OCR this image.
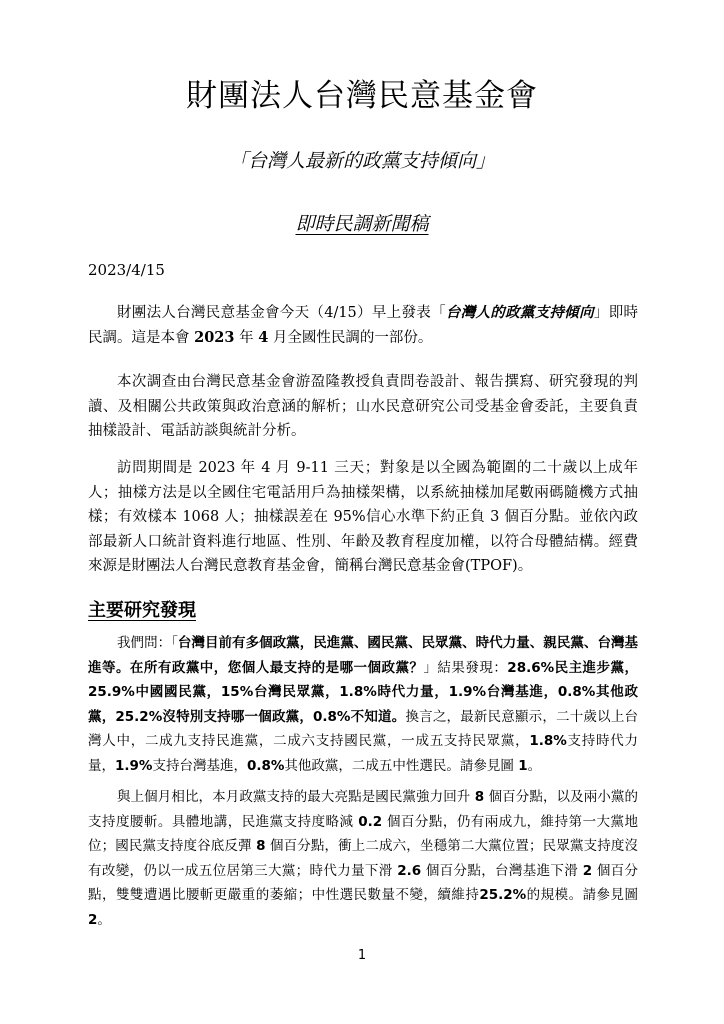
財團法人台灣民意基金會
「台灣人最新的政黨支持傾向」
即時民調新聞稿
2023/4/15

財團法人台灣民意基金會今天（4/15）早上發表「台灣人的政黨支持傾向」即時民調。這是本會 2023 年 4 月全國性民調的一部份。

本次調查由台灣民意基金會游盈隆教授負責問卷設計、報告撰寫、研究發現的判讀、及相關公共政策與政治意涵的解析；山水民意研究公司受基金會委託，主要負責抽樣設計、電話訪談與統計分析。

訪問期間是 2023 年 4 月 9-11 三天；對象是以全國為範圍的二十歲以上成年人；抽樣方法是以全國住宅電話用戶為抽樣架構，以系統抽樣加尾數兩碼隨機方式抽樣；有效樣本 1068 人；抽樣誤差在 95%信心水準下約正負 3 個百分點。並依內政部最新人口統計資料進行地區、性別、年齡及教育程度加權，以符合母體結構。經費來源是財團法人台灣民意教育基金會，簡稱台灣民意基金會(TPOF)。

主要研究發現

我們問：「台灣目前有多個政黨，民進黨、國民黨、民眾黨、時代力量、親民黨、台灣基進等。在所有政黨中，您個人最支持的是哪一個政黨？」結果發現：28.6%民主進步黨，25.9%中國國民黨，15%台灣民眾黨，1.8%時代力量，1.9%台灣基進，0.8%其他政黨，25.2%沒特別支持哪一個政黨，0.8%不知道。換言之，最新民意顯示，二十歲以上台灣人中，二成九支持民進黨，二成六支持國民黨，一成五支持民眾黨，1.8%支持時代力量，1.9%支持台灣基進，0.8%其他政黨，二成五中性選民。請參見圖 1。

與上個月相比，本月政黨支持的最大亮點是國民黨強力回升 8 個百分點，以及兩小黨的支持度腰斬。具體地講，民進黨支持度略減 0.2 個百分點，仍有兩成九，維持第一大黨地位；國民黨支持度谷底反彈 8 個百分點，衝上二成六，坐穩第二大黨位置；民眾黨支持度沒有改變，仍以一成五位居第三大黨；時代力量下滑 2.6 個百分點，台灣基進下滑 2 個百分點，雙雙遭遇比腰斬更嚴重的萎縮；中性選民數量不變，續維持25.2%的規模。請參見圖 2。

1
